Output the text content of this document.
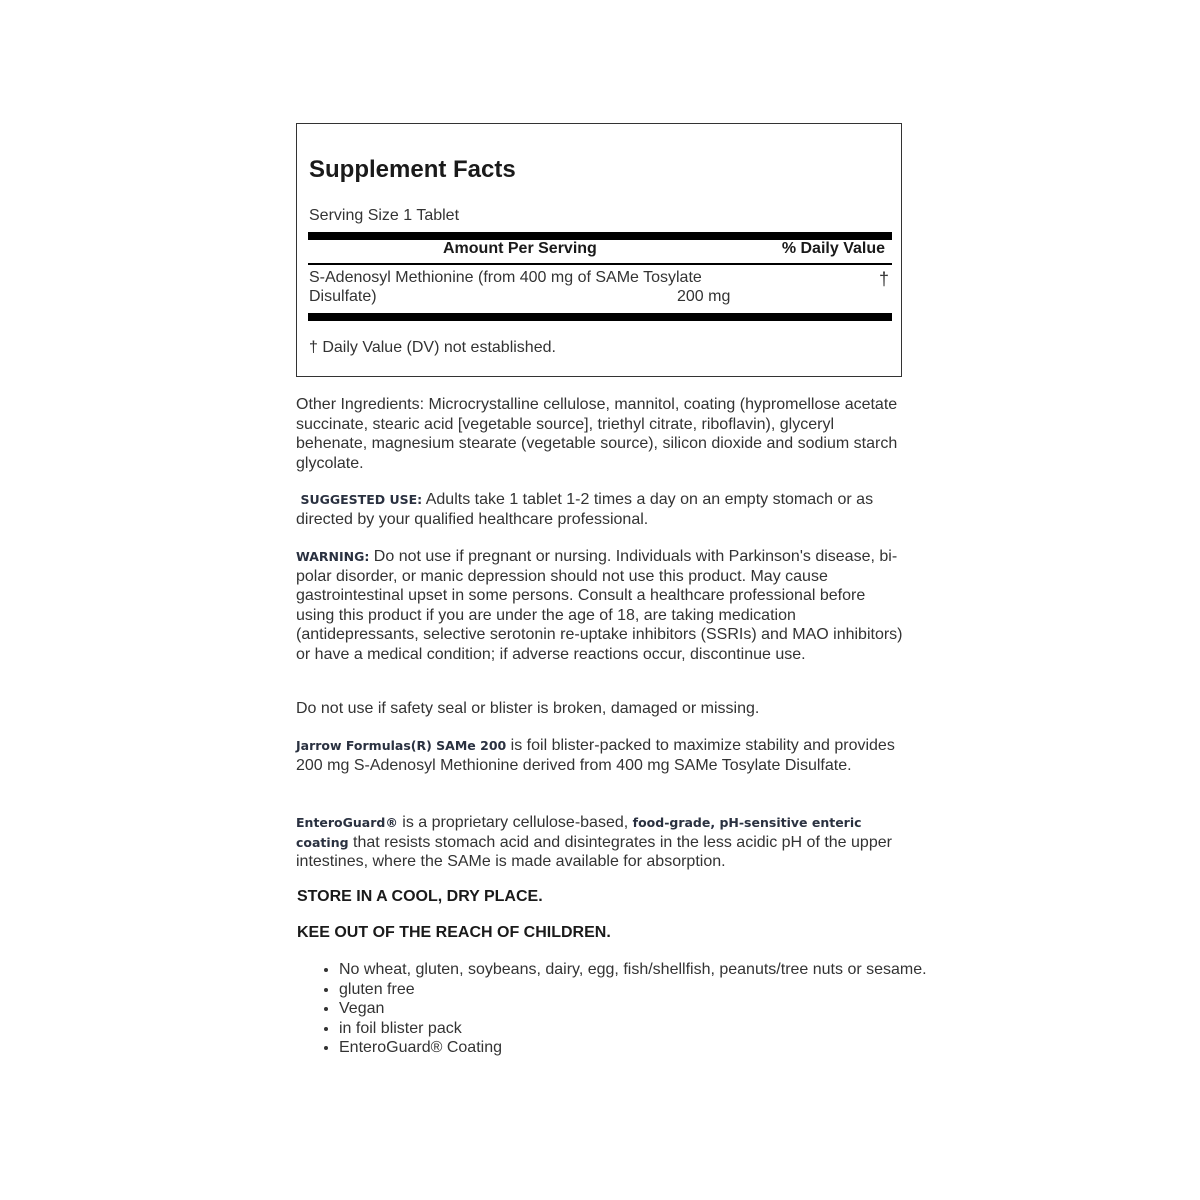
Supplement Facts
Serving Size 1 Tablet
Amount Per Serving	% Daily Value
S-Adenosyl Methionine (from 400 mg of SAMe Tosylate
Disulfate)	200 mg
†
† Daily Value (DV) not established.
Other Ingredients: Microcrystalline cellulose, mannitol, coating (hypromellose acetate succinate, stearic acid [vegetable source], triethyl citrate, riboflavin), glyceryl behenate, magnesium stearate (vegetable source), silicon dioxide and sodium starch glycolate.
SUGGESTED USE: Adults take 1 tablet 1-2 times a day on an empty stomach or as directed by your qualified healthcare professional.
WARNING: Do not use if pregnant or nursing. Individuals with Parkinson's disease, bi-polar disorder, or manic depression should not use this product. May cause gastrointestinal upset in some persons. Consult a healthcare professional before using this product if you are under the age of 18, are taking medication (antidepressants, selective serotonin re-uptake inhibitors (SSRIs) and MAO inhibitors) or have a medical condition; if adverse reactions occur, discontinue use.
Do not use if safety seal or blister is broken, damaged or missing.
Jarrow Formulas(R) SAMe 200 is foil blister-packed to maximize stability and provides 200 mg S-Adenosyl Methionine derived from 400 mg SAMe Tosylate Disulfate.
EnteroGuard® is a proprietary cellulose-based, food-grade, pH-sensitive enteric coating that resists stomach acid and disintegrates in the less acidic pH of the upper intestines, where the SAMe is made available for absorption.
STORE IN A COOL, DRY PLACE.
KEE OUT OF THE REACH OF CHILDREN.
• No wheat, gluten, soybeans, dairy, egg, fish/shellfish, peanuts/tree nuts or sesame.
• gluten free
• Vegan
• in foil blister pack
• EnteroGuard® Coating
